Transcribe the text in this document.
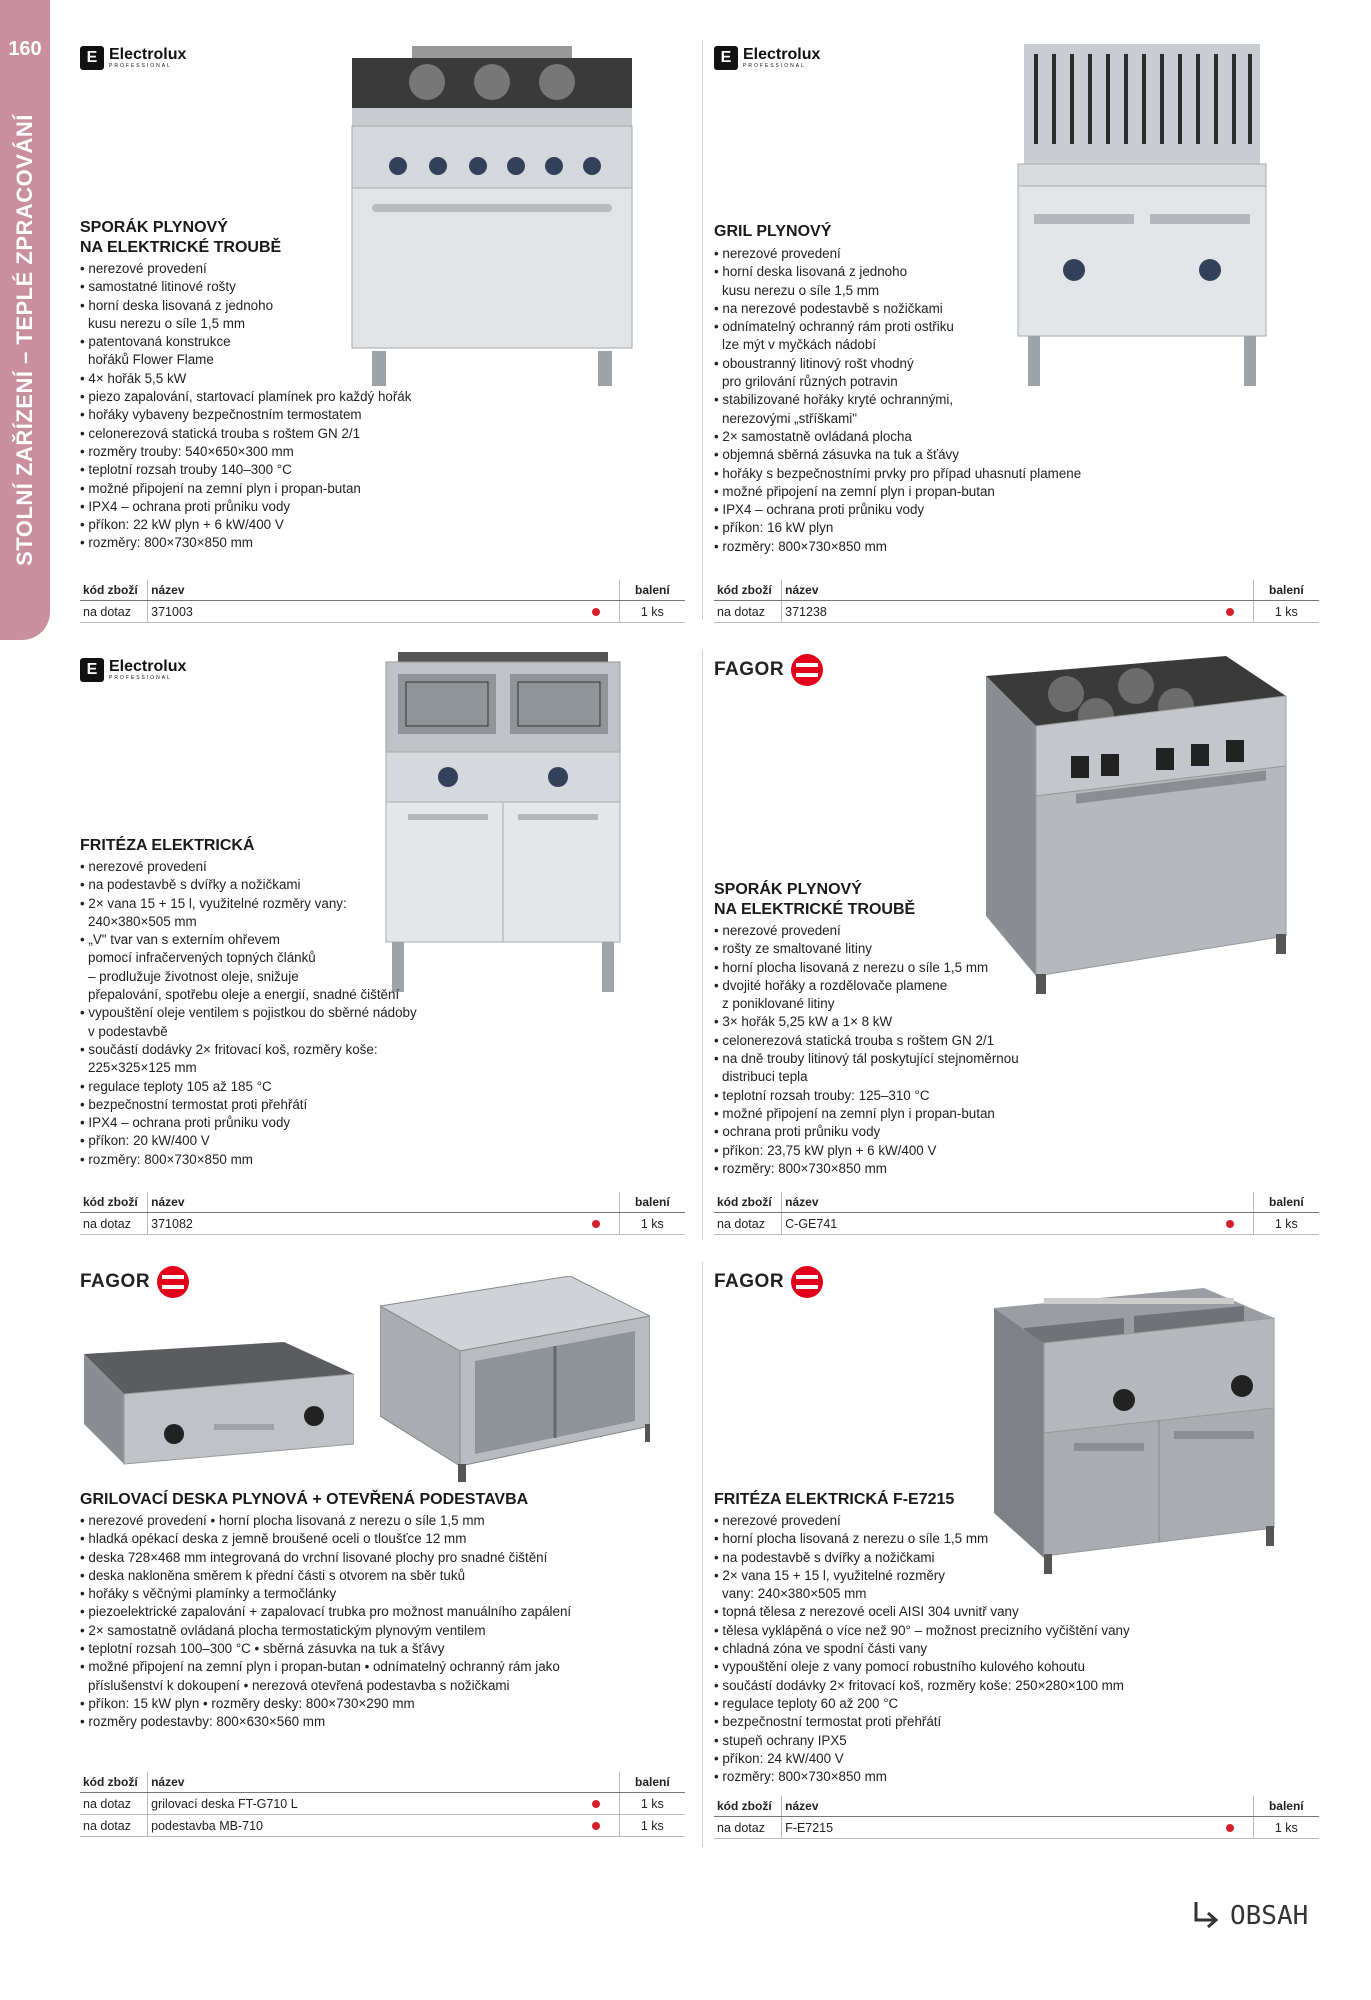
160
STOLNÍ ZAŘÍZENÍ – TEPLÉ ZPRACOVÁNÍ
E Electrolux
PROFESSIONAL
SPORÁK PLYNOVÝ
NA ELEKTRICKÉ TROUBĚ
• nerezové provedení
• samostatné litinové rošty
• horní deska lisovaná z jednoho
kusu nerezu o síle 1,5 mm
• patentovaná konstrukce
hořáků Flower Flame
• 4× hořák 5,5 kW
• piezo zapalování, startovací plamínek pro každý hořák
• hořáky vybaveny bezpečnostním termostatem
• celonerezová statická trouba s roštem GN 2/1
• rozměry trouby: 540×650×300 mm
• teplotní rozsah trouby 140–300 °C
• možné připojení na zemní plyn i propan-butan
• IPX4 – ochrana proti průniku vody
• příkon: 22 kW plyn + 6 kW/400 V
• rozměry: 800×730×850 mm
kód zboží	název		balení
na dotaz	371003		1 ks
E Electrolux
PROFESSIONAL
GRIL PLYNOVÝ
• nerezové provedení
• horní deska lisovaná z jednoho
kusu nerezu o síle 1,5 mm
• na nerezové podestavbě s nožičkami
• odnímatelný ochranný rám proti ostřiku
lze mýt v myčkách nádobí
• oboustranný litinový rošt vhodný
pro grilování různých potravin
• stabilizované hořáky kryté ochrannými,
nerezovými „stříškami"
• 2× samostatně ovládaná plocha
• objemná sběrná zásuvka na tuk a šťávy
• hořáky s bezpečnostními prvky pro případ uhasnutí plamene
• možné připojení na zemní plyn i propan-butan
• IPX4 – ochrana proti průniku vody
• příkon: 16 kW plyn
• rozměry: 800×730×850 mm
kód zboží	název		balení
na dotaz	371238		1 ks
E Electrolux
PROFESSIONAL
FRITÉZA ELEKTRICKÁ
• nerezové provedení
• na podestavbě s dvířky a nožičkami
• 2× vana 15 + 15 l, využitelné rozměry vany:
240×380×505 mm
• „V" tvar van s externím ohřevem
pomocí infračervených topných článků
– prodlužuje životnost oleje, snižuje
přepalování, spotřebu oleje a energií, snadné čištění
• vypouštění oleje ventilem s pojistkou do sběrné nádoby
v podestavbě
• součástí dodávky 2× fritovací koš, rozměry koše:
225×325×125 mm
• regulace teploty 105 až 185 °C
• bezpečnostní termostat proti přehřátí
• IPX4 – ochrana proti průniku vody
• příkon: 20 kW/400 V
• rozměry: 800×730×850 mm
kód zboží	název		balení
na dotaz	371082		1 ks
FAGOR
SPORÁK PLYNOVÝ
NA ELEKTRICKÉ TROUBĚ
• nerezové provedení
• rošty ze smaltované litiny
• horní plocha lisovaná z nerezu o síle 1,5 mm
• dvojité hořáky a rozdělovače plamene
z poniklované litiny
• 3× hořák 5,25 kW a 1× 8 kW
• celonerezová statická trouba s roštem GN 2/1
• na dně trouby litinový tál poskytující stejnoměrnou
distribuci tepla
• teplotní rozsah trouby: 125–310 °C
• možné připojení na zemní plyn i propan-butan
• ochrana proti průniku vody
• příkon: 23,75 kW plyn + 6 kW/400 V
• rozměry: 800×730×850 mm
kód zboží	název		balení
na dotaz	C-GE741		1 ks
FAGOR
GRILOVACÍ DESKA PLYNOVÁ + OTEVŘENÁ PODESTAVBA
• nerezové provedení • horní plocha lisovaná z nerezu o síle 1,5 mm
• hladká opékací deska z jemně broušené oceli o tloušťce 12 mm
• deska 728×468 mm integrovaná do vrchní lisované plochy pro snadné čištění
• deska nakloněna směrem k přední části s otvorem na sběr tuků
• hořáky s věčnými plamínky a termočlánky
• piezoelektrické zapalování + zapalovací trubka pro možnost manuálního zapálení
• 2× samostatně ovládaná plocha termostatickým plynovým ventilem
• teplotní rozsah 100–300 °C • sběrná zásuvka na tuk a šťávy
• možné připojení na zemní plyn i propan-butan • odnímatelný ochranný rám jako
příslušenství k dokoupení • nerezová otevřená podestavba s nožičkami
• příkon: 15 kW plyn • rozměry desky: 800×730×290 mm
• rozměry podestavby: 800×630×560 mm
kód zboží	název		balení
na dotaz	grilovací deska FT-G710 L		1 ks
na dotaz	podestavba MB-710		1 ks
FAGOR
FRITÉZA ELEKTRICKÁ F-E7215
• nerezové provedení
• horní plocha lisovaná z nerezu o síle 1,5 mm
• na podestavbě s dvířky a nožičkami
• 2× vana 15 + 15 l, využitelné rozměry
vany: 240×380×505 mm
• topná tělesa z nerezové oceli AISI 304 uvnitř vany
• tělesa vyklápěná o více než 90° – možnost precizního vyčištění vany
• chladná zóna ve spodní části vany
• vypouštění oleje z vany pomocí robustního kulového kohoutu
• součástí dodávky 2× fritovací koš, rozměry koše: 250×280×100 mm
• regulace teploty 60 až 200 °C
• bezpečnostní termostat proti přehřátí
• stupeň ochrany IPX5
• příkon: 24 kW/400 V
• rozměry: 800×730×850 mm
kód zboží	název		balení
na dotaz	F-E7215		1 ks
OBSAH
